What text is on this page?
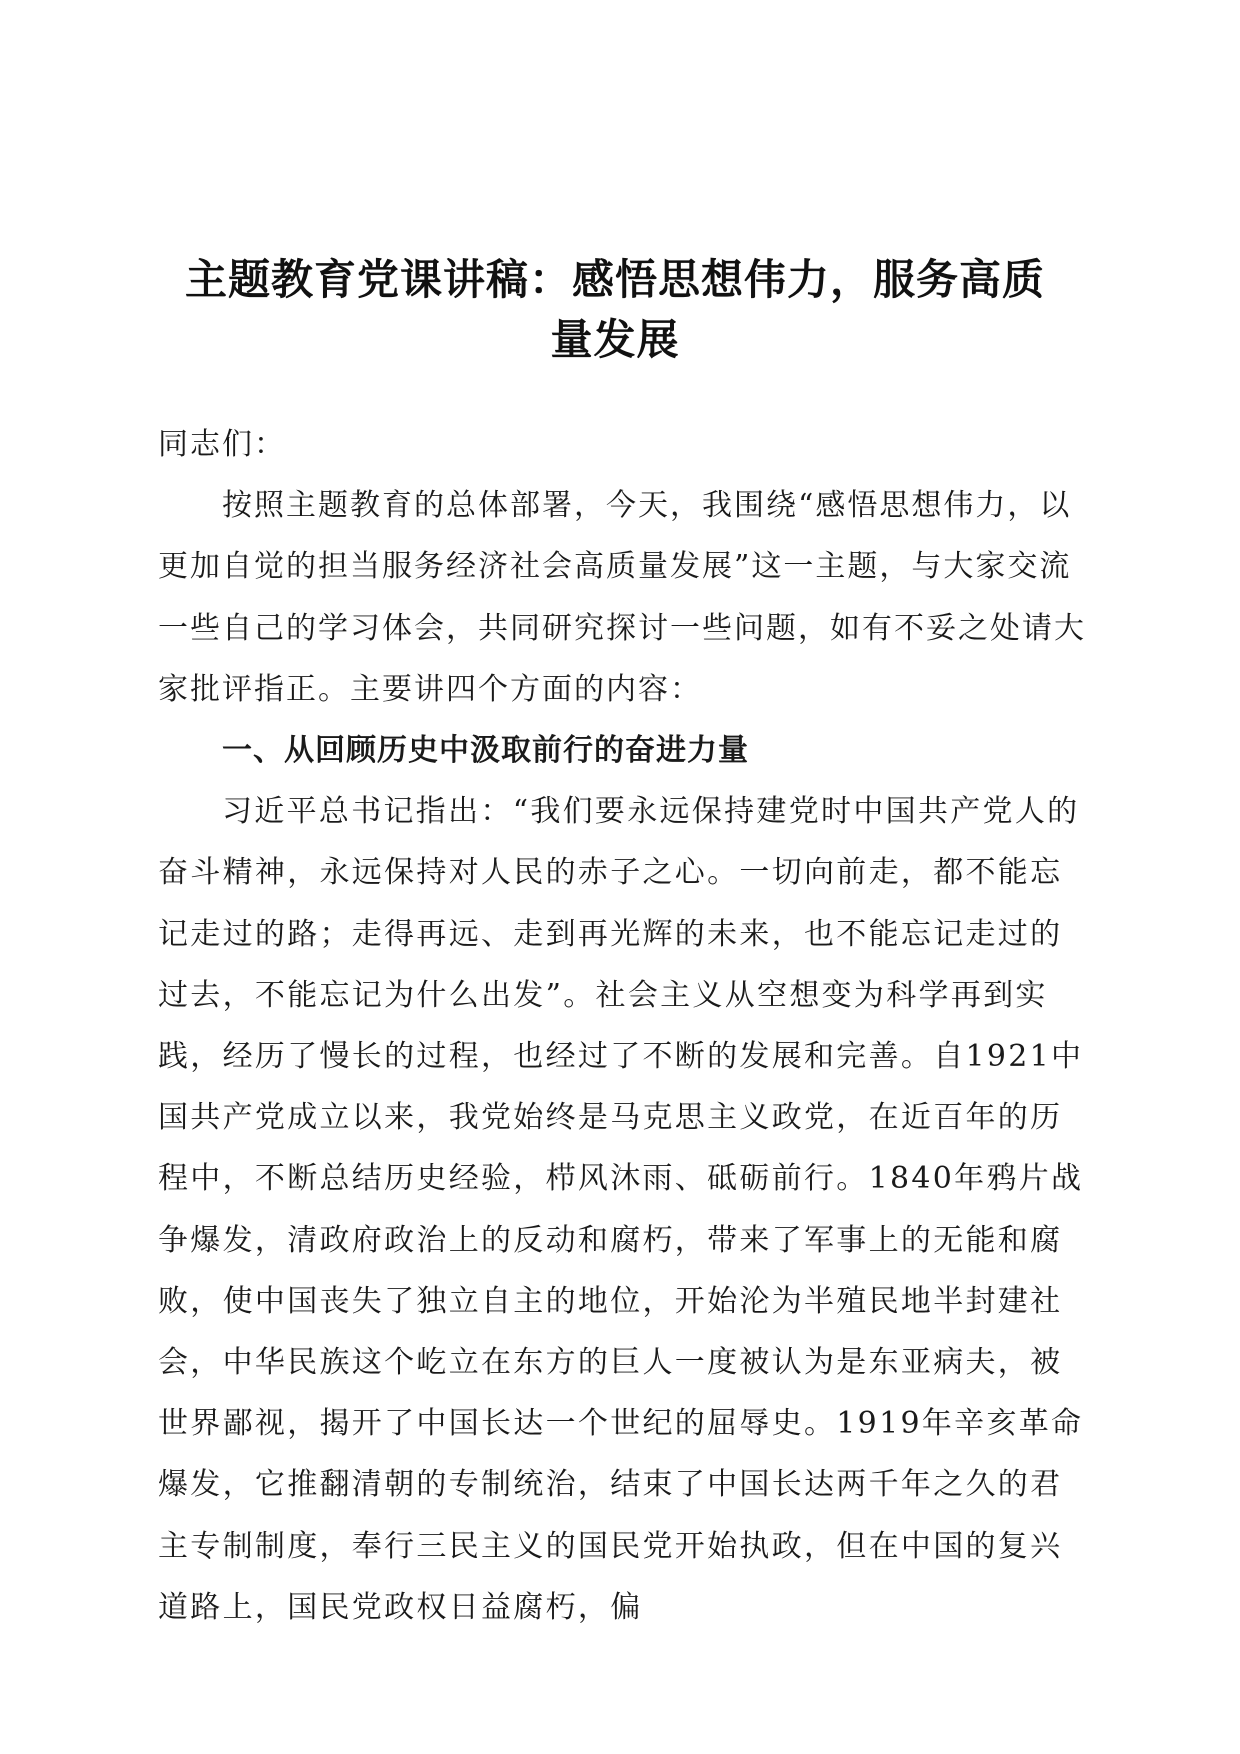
主题教育党课讲稿：感悟思想伟力，服务高质
量发展

同志们：

按照主题教育的总体部署，今天，我围绕“感悟思想伟力，以更加自觉的担当服务经济社会高质量发展”这一主题，与大家交流一些自己的学习体会，共同研究探讨一些问题，如有不妥之处请大家批评指正。主要讲四个方面的内容：

一、从回顾历史中汲取前行的奋进力量

习近平总书记指出：“我们要永远保持建党时中国共产党人的奋斗精神，永远保持对人民的赤子之心。一切向前走，都不能忘记走过的路；走得再远、走到再光辉的未来，也不能忘记走过的过去，不能忘记为什么出发”。社会主义从空想变为科学再到实践，经历了慢长的过程，也经过了不断的发展和完善。自1921中国共产党成立以来，我党始终是马克思主义政党，在近百年的历程中，不断总结历史经验，栉风沐雨、砥砺前行。1840年鸦片战争爆发，清政府政治上的反动和腐朽，带来了军事上的无能和腐败，使中国丧失了独立自主的地位，开始沦为半殖民地半封建社会，中华民族这个屹立在东方的巨人一度被认为是东亚病夫，被世界鄙视，揭开了中国长达一个世纪的屈辱史。1919年辛亥革命爆发，它推翻清朝的专制统治，结束了中国长达两千年之久的君主专制制度，奉行三民主义的国民党开始执政，但在中国的复兴道路上，国民党政权日益腐朽，偏
